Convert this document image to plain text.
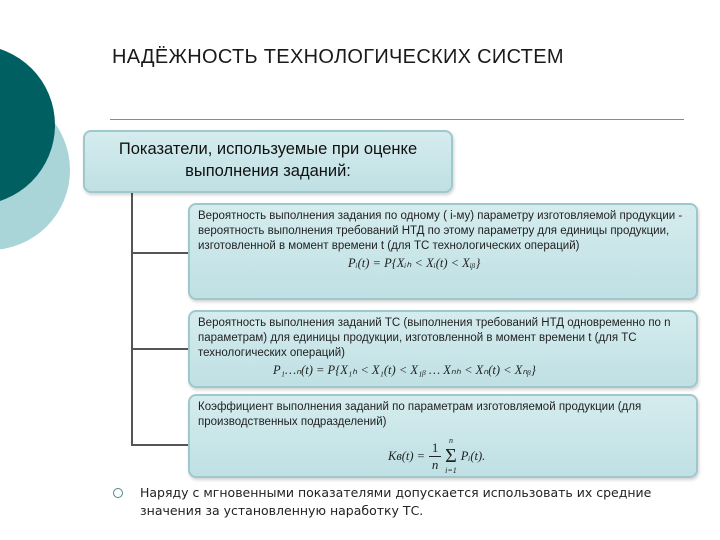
НАДЁЖНОСТЬ ТЕХНОЛОГИЧЕСКИХ СИСТЕМ
Показатели, используемые при оценке
выполнения заданий:
Вероятность выполнения задания по одному ( i-му) параметру изготовляемой продукции - вероятность выполнения требований НТД по этому параметру для единицы продукции, изготовленной в момент времени t (для ТС технологических операций)
Pᵢ(t) = P{Xᵢₕ < Xᵢ(t) < Xᵢᵦ}
Вероятность выполнения заданий ТС (выполнения требований НТД одновременно по n параметрам) для единицы продукции, изготовленной в момент времени t (для ТС технологических операций)
P₁…ₙ(t) = P{X₁ₕ < X₁(t) < X₁ᵦ … Xₙₕ < Xₙ(t) < Xₙᵦ}
Коэффициент выполнения заданий по параметрам изготовляемой продукции (для производственных подразделений)
$Kв(t) = \frac{1}{n}$ n
Σ
i=1
Pᵢ(t).
Наряду с мгновенными показателями допускается использовать их средние значения за установленную наработку ТС.
